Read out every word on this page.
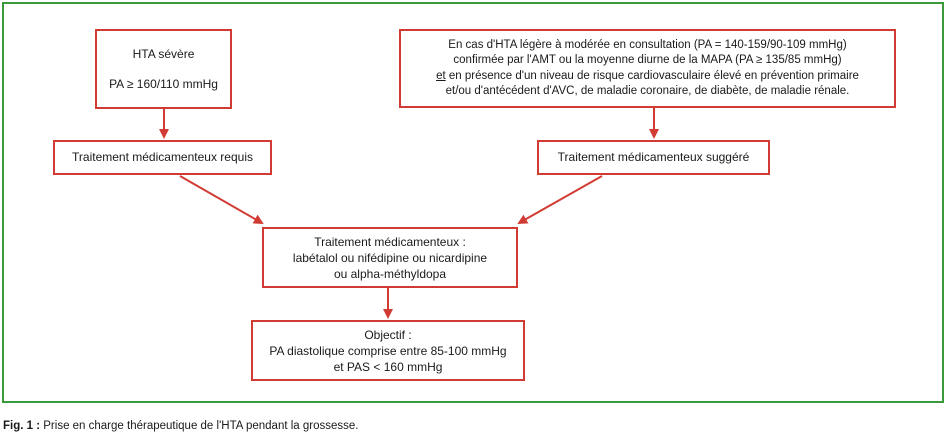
HTA sévère
PA ≥ 160/110 mmHg
En cas d'HTA légère à modérée en consultation (PA = 140-159/90-109 mmHg)
confirmée par l'AMT ou la moyenne diurne de la MAPA (PA ≥ 135/85 mmHg)
et en présence d'un niveau de risque cardiovasculaire élevé en prévention primaire
et/ou d'antécédent d'AVC, de maladie coronaire, de diabète, de maladie rénale.
Traitement médicamenteux requis	Traitement médicamenteux suggéré
Traitement médicamenteux :
labétalol ou nifédipine ou nicardipine
ou alpha-méthyldopa
Objectif :
PA diastolique comprise entre 85-100 mmHg
et PAS < 160 mmHg
Fig. 1 : Prise en charge thérapeutique de l'HTA pendant la grossesse.
